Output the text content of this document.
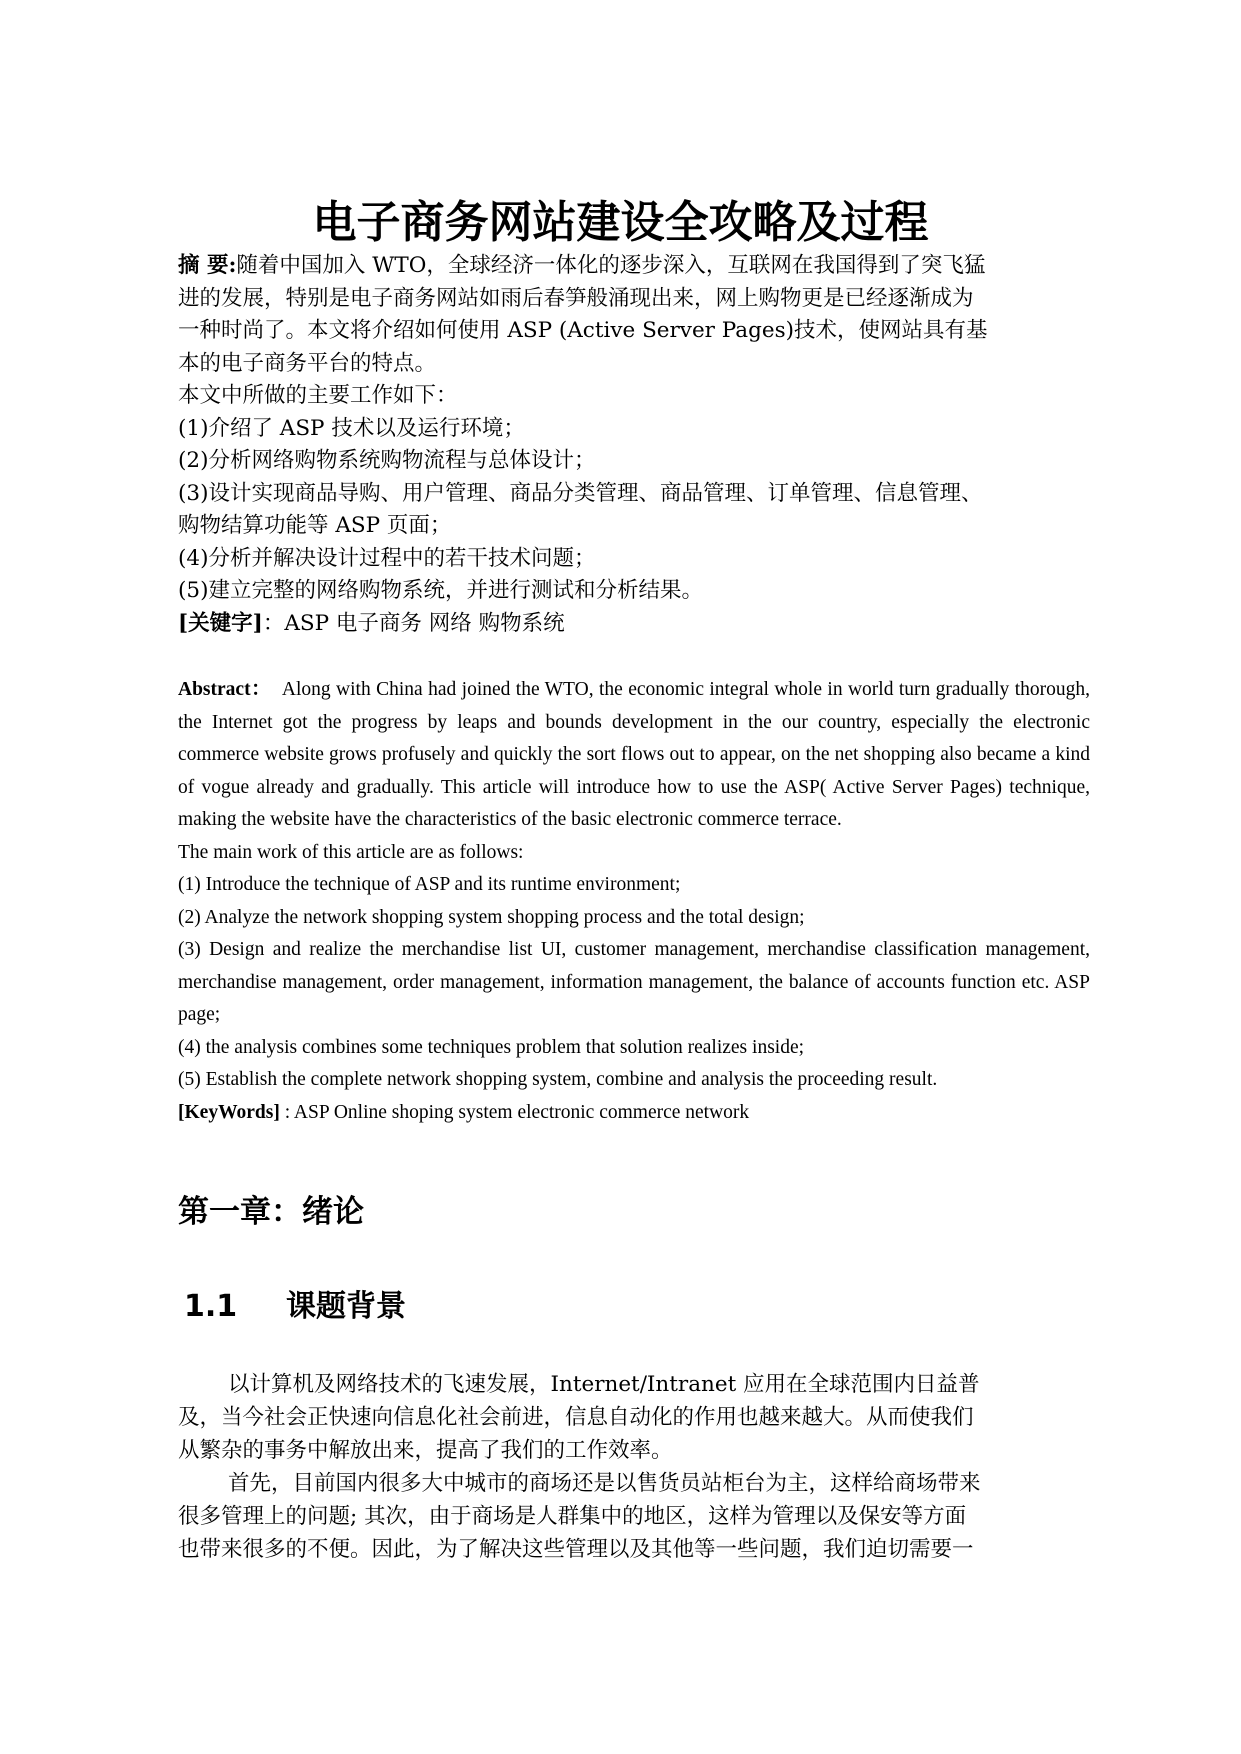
电子商务网站建设全攻略及过程
摘 要:随着中国加入 WTO，全球经济一体化的逐步深入，互联网在我国得到了突飞猛
进的发展，特别是电子商务网站如雨后春笋般涌现出来，网上购物更是已经逐渐成为
一种时尚了。本文将介绍如何使用 ASP (Active Server Pages)技术，使网站具有基
本的电子商务平台的特点。
本文中所做的主要工作如下：
(1)介绍了 ASP 技术以及运行环境；
(2)分析网络购物系统购物流程与总体设计；
(3)设计实现商品导购、用户管理、商品分类管理、商品管理、订单管理、信息管理、
购物结算功能等 ASP 页面；
(4)分析并解决设计过程中的若干技术问题；
(5)建立完整的网络购物系统，并进行测试和分析结果。
[关键字]：ASP 电子商务 网络 购物系统
Abstract： Along with China had joined the WTO, the economic integral whole in world turn gradually thorough, the Internet got the progress by leaps and bounds development in the our country, especially the electronic commerce website grows profusely and quickly the sort flows out to appear, on the net shopping also became a kind of vogue already and gradually. This article will introduce how to use the ASP( Active Server Pages) technique, making the website have the characteristics of the basic electronic commerce terrace.
The main work of this article are as follows:
(1) Introduce the technique of ASP and its runtime environment;
(2) Analyze the network shopping system shopping process and the total design;
(3) Design and realize the merchandise list UI, customer management, merchandise classification management, merchandise management, order management, information management, the balance of accounts function etc. ASP page;
(4) the analysis combines some techniques problem that solution realizes inside;
(5) Establish the complete network shopping system, combine and analysis the proceeding result.
[KeyWords] : ASP Online shoping system electronic commerce network
第一章：绪论
1.1 课题背景
以计算机及网络技术的飞速发展，Internet/Intranet 应用在全球范围内日益普
及，当今社会正快速向信息化社会前进，信息自动化的作用也越来越大。从而使我们
从繁杂的事务中解放出来，提高了我们的工作效率。
首先，目前国内很多大中城市的商场还是以售货员站柜台为主，这样给商场带来
很多管理上的问题; 其次，由于商场是人群集中的地区，这样为管理以及保安等方面
也带来很多的不便。因此，为了解决这些管理以及其他等一些问题，我们迫切需要一
